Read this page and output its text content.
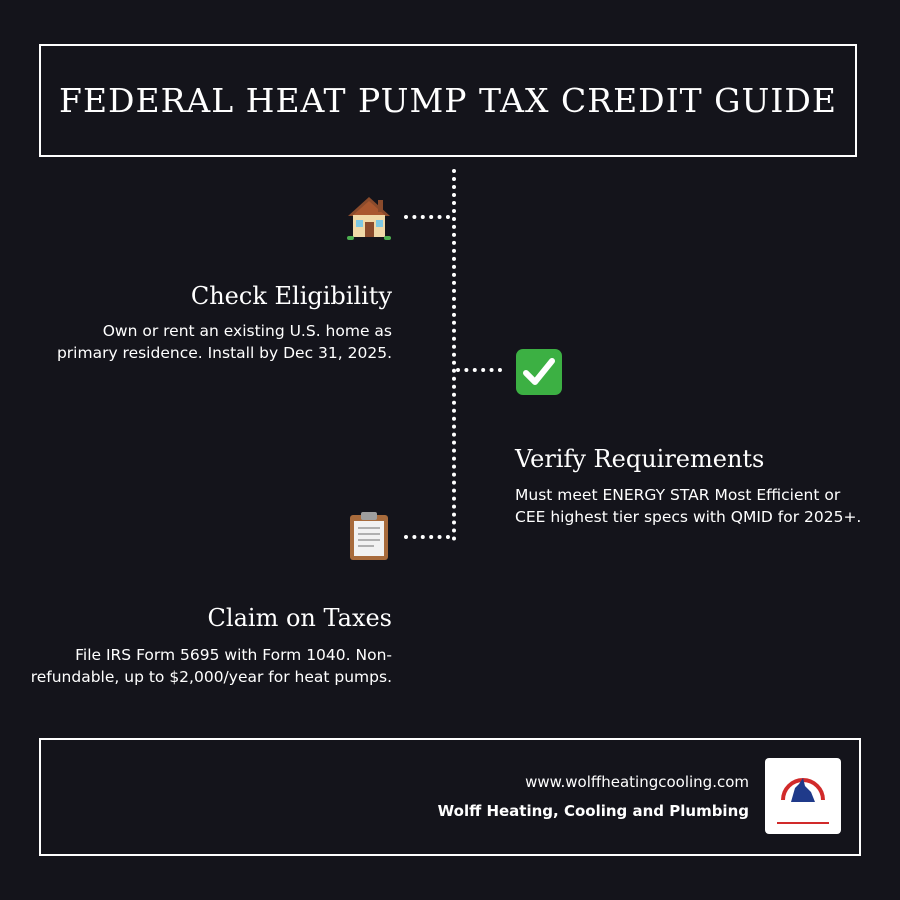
FEDERAL HEAT PUMP TAX CREDIT GUIDE
Check Eligibility

Own or rent an existing U.S. home as

primary residence. Install by Dec 31, 2025.

Verify Requirements

Must meet ENERGY STAR Most Efficient or

CEE highest tier specs with QMID for 2025+.

Claim on Taxes

File IRS Form 5695 with Form 1040. Non-

refundable, up to $2,000/year for heat pumps.

www.wolffheatingcooling.com
Wolff Heating, Cooling and Plumbing
